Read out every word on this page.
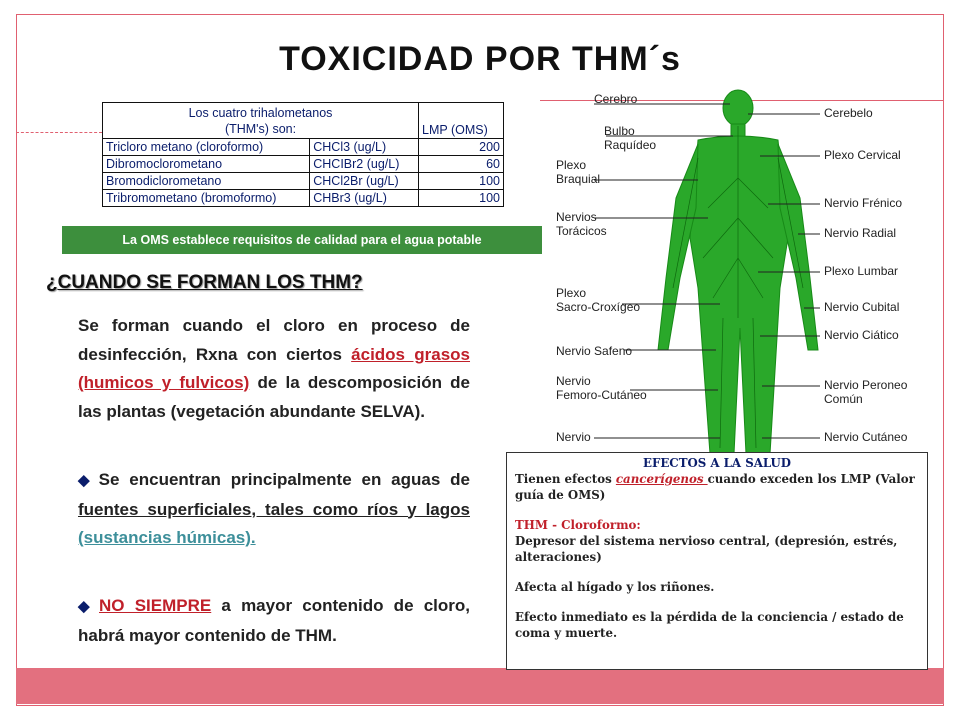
TOXICIDAD POR THM´s
Los cuatro trihalometanos
(THM's) son:		LMP (OMS)
Tricloro metano (cloroformo)	CHCl3 (ug/L)	200
Dibromoclorometano	CHCIBr2 (ug/L)	60
Bromodiclorometano	CHCl2Br (ug/L)	100
Tribromometano (bromoformo)	CHBr3 (ug/L)	100
La OMS establece requisitos de calidad para el agua potable
¿CUANDO SE FORMAN LOS THM?

Se forman cuando el cloro en proceso de desinfección, Rxna con ciertos ácidos grasos (humicos y fulvicos) de la descomposición de las plantas (vegetación abundante SELVA).

◆ Se encuentran principalmente en aguas de fuentes superficiales, tales como ríos y lagos (sustancias húmicas).

◆ NO SIEMPRE a mayor contenido de cloro, habrá mayor contenido de THM.

Cerebro
Bulbo
Raquídeo
Plexo
Braquial
Nervios
Torácicos
Plexo
Sacro-Croxígeo
Nervio Safeno
Nervio
Femoro-Cutáneo
Nervio
Cerebelo
Plexo Cervical
Nervio Frénico
Nervio Radial
Plexo Lumbar
Nervio Cubital
Nervio Ciático
Nervio Peroneo
Común
Nervio Cutáneo

EFECTOS A LA SALUD

Tienen efectos cancerígenos cuando exceden los LMP (Valor guía de OMS)

THM - Cloroformo:

Depresor del sistema nervioso central, (depresión, estrés, alteraciones)

Afecta al hígado y los riñones.

Efecto inmediato es la pérdida de la conciencia / estado de coma y muerte.
